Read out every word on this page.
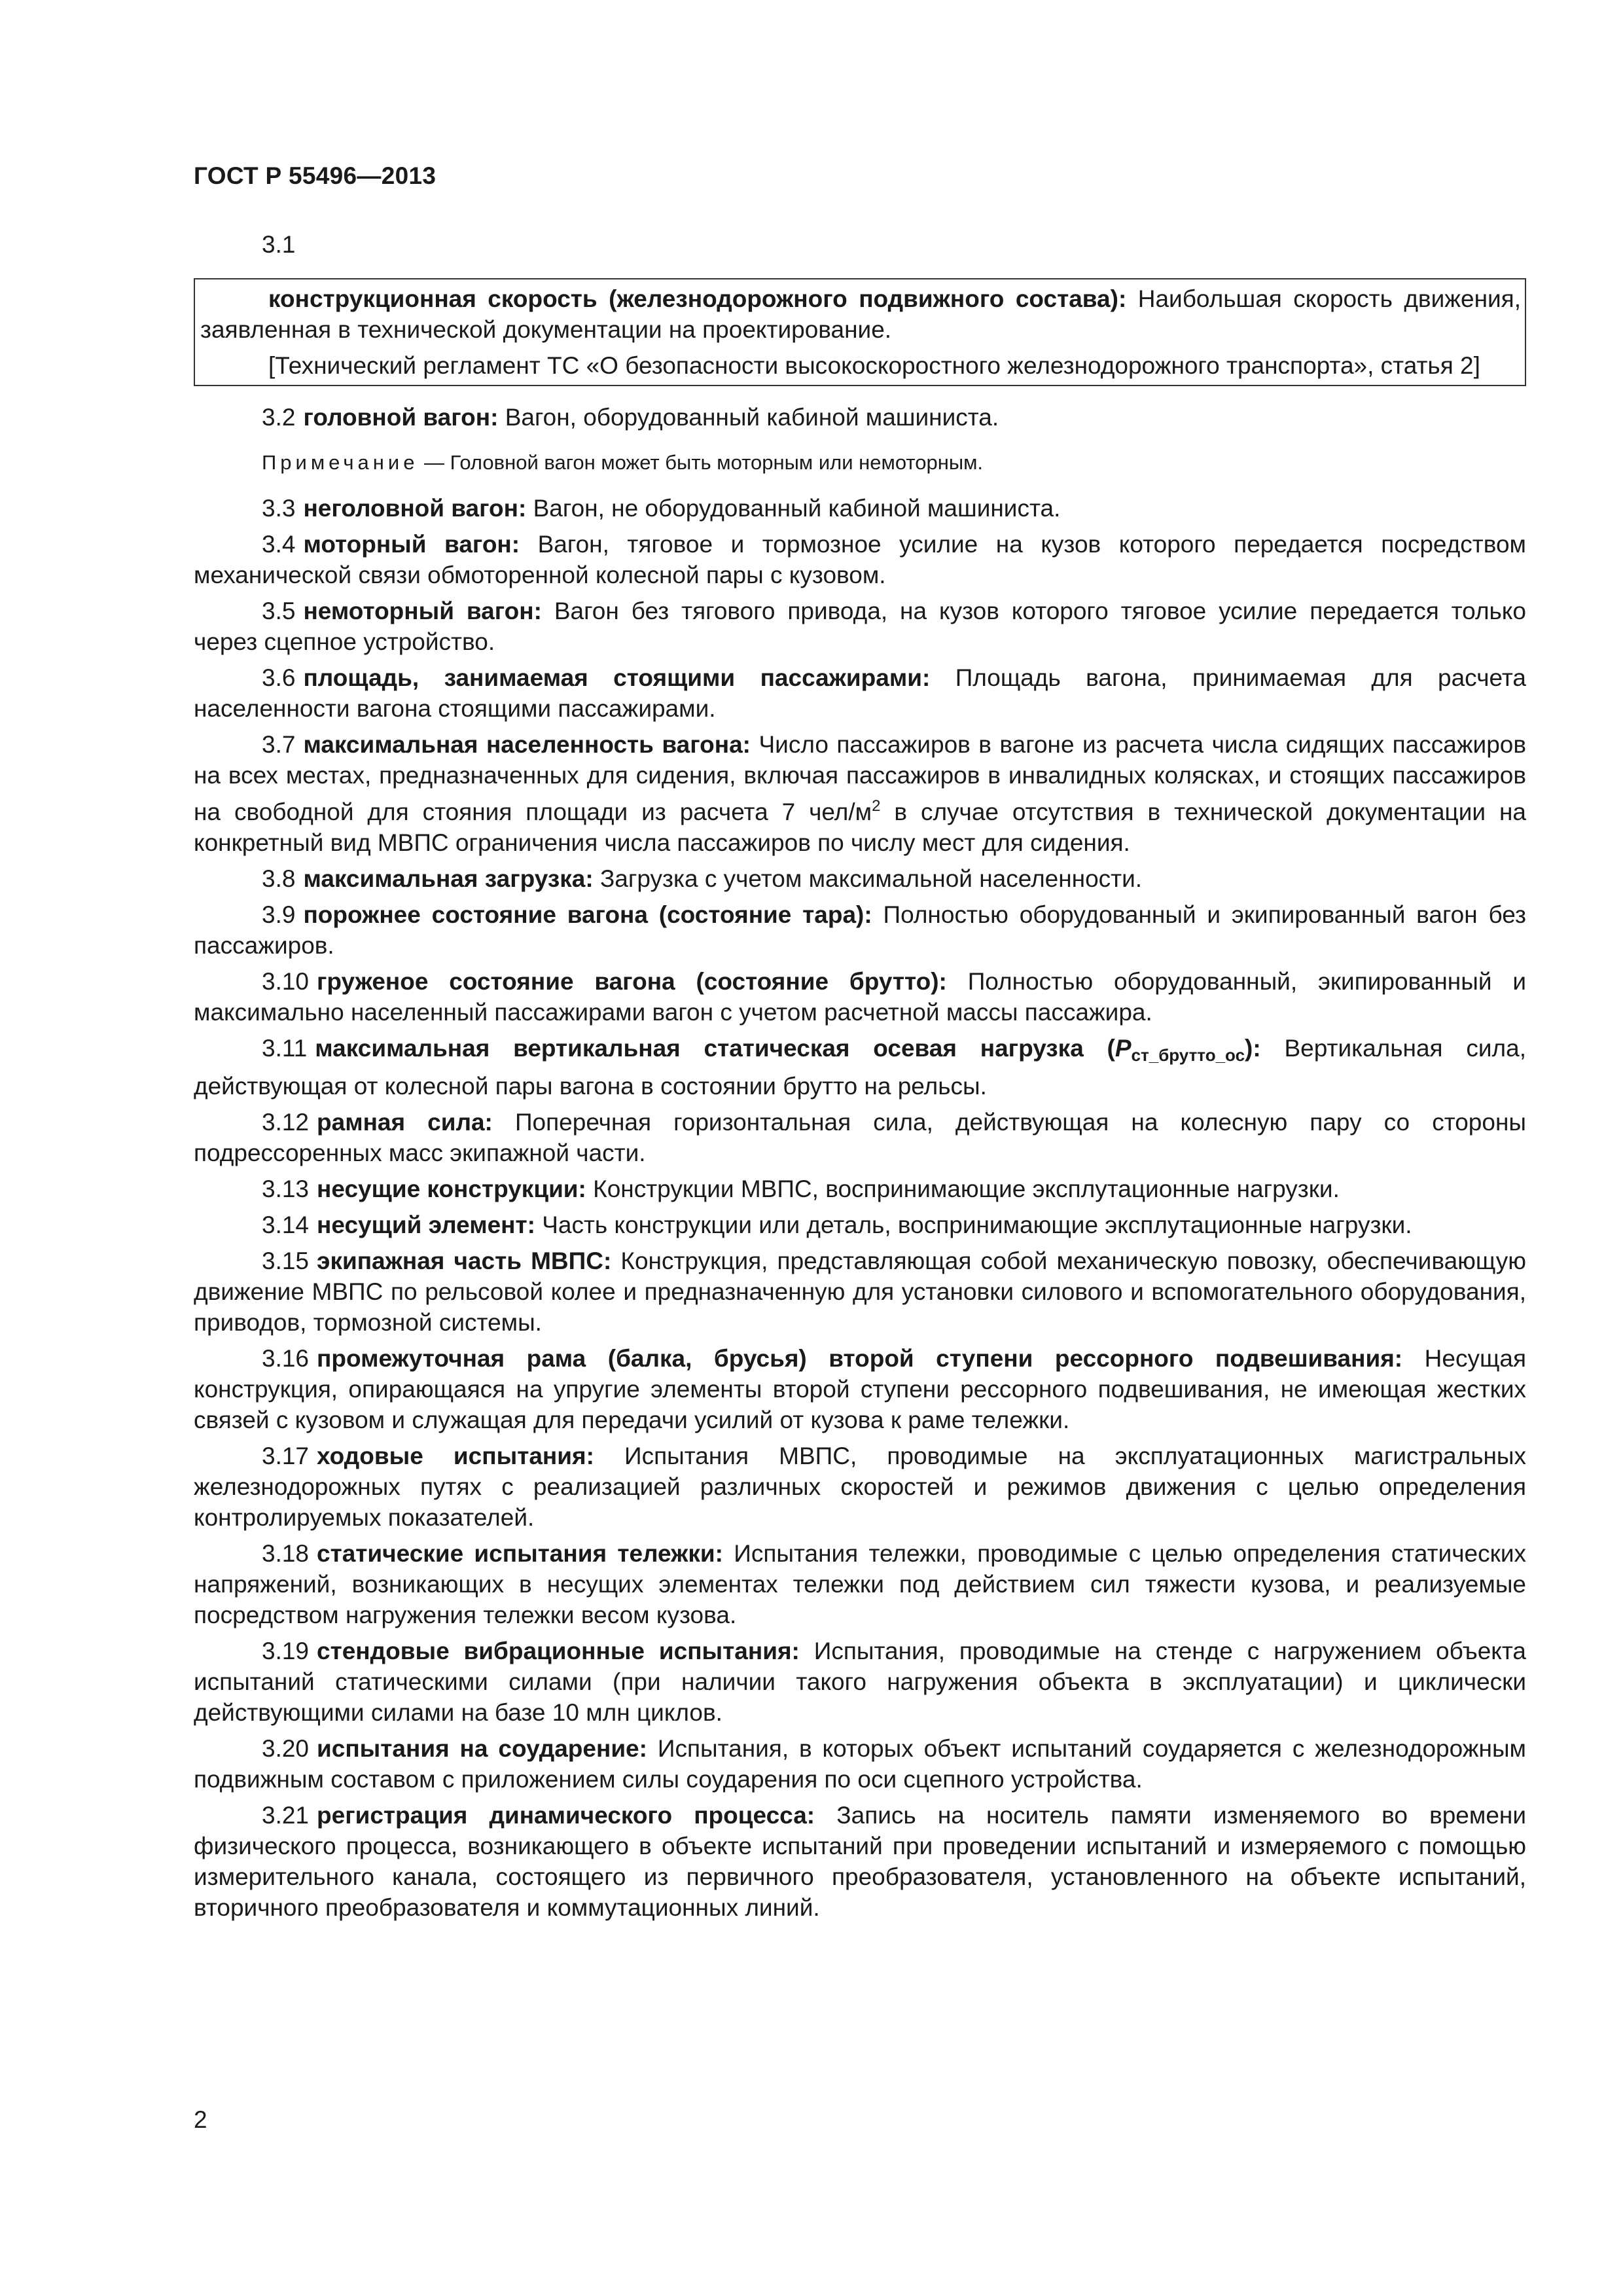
ГОСТ Р 55496—2013
3.1

конструкционная скорость (железнодорожного подвижного состава): Наибольшая скорость движения, заявленная в технической документации на проектирование.

[Технический регламент ТС «О безопасности высокоскоростного железнодорожного транспорта», статья 2]

3.2 головной вагон: Вагон, оборудованный кабиной машиниста.

Примечание — Головной вагон может быть моторным или немоторным.

3.3 неголовной вагон: Вагон, не оборудованный кабиной машиниста.

3.4 моторный вагон: Вагон, тяговое и тормозное усилие на кузов которого передается посредством механической связи обмоторенной колесной пары с кузовом.

3.5 немоторный вагон: Вагон без тягового привода, на кузов которого тяговое усилие передается только через сцепное устройство.

3.6 площадь, занимаемая стоящими пассажирами: Площадь вагона, принимаемая для расчета населенности вагона стоящими пассажирами.

3.7 максимальная населенность вагона: Число пассажиров в вагоне из расчета числа сидящих пассажиров на всех местах, предназначенных для сидения, включая пассажиров в инвалидных колясках, и стоящих пассажиров на свободной для стояния площади из расчета 7 чел/$м^2$ в случае отсутствия в технической документации на конкретный вид МВПС ограничения числа пассажиров по числу мест для сидения.

3.8 максимальная загрузка: Загрузка с учетом максимальной населенности.

3.9 порожнее состояние вагона (состояние тара): Полностью оборудованный и экипированный вагон без пассажиров.

3.10 груженое состояние вагона (состояние брутто): Полностью оборудованный, экипированный и максимально населенный пассажирами вагон с учетом расчетной массы пассажира.

3.11 максимальная вертикальная статическая осевая нагрузка $(P_{ст\_брутто\_ос})$: Вертикальная сила, действующая от колесной пары вагона в состоянии брутто на рельсы.

3.12 рамная сила: Поперечная горизонтальная сила, действующая на колесную пару со стороны подрессоренных масс экипажной части.

3.13 несущие конструкции: Конструкции МВПС, воспринимающие эксплутационные нагрузки.

3.14 несущий элемент: Часть конструкции или деталь, воспринимающие эксплутационные нагрузки.

3.15 экипажная часть МВПС: Конструкция, представляющая собой механическую повозку, обеспечивающую движение МВПС по рельсовой колее и предназначенную для установки силового и вспомогательного оборудования, приводов, тормозной системы.

3.16 промежуточная рама (балка, брусья) второй ступени рессорного подвешивания: Несущая конструкция, опирающаяся на упругие элементы второй ступени рессорного подвешивания, не имеющая жестких связей с кузовом и служащая для передачи усилий от кузова к раме тележки.

3.17 ходовые испытания: Испытания МВПС, проводимые на эксплуатационных магистральных железнодорожных путях с реализацией различных скоростей и режимов движения с целью определения контролируемых показателей.

3.18 статические испытания тележки: Испытания тележки, проводимые с целью определения статических напряжений, возникающих в несущих элементах тележки под действием сил тяжести кузова, и реализуемые посредством нагружения тележки весом кузова.

3.19 стендовые вибрационные испытания: Испытания, проводимые на стенде с нагружением объекта испытаний статическими силами (при наличии такого нагружения объекта в эксплуатации) и циклически действующими силами на базе 10 млн циклов.

3.20 испытания на соударение: Испытания, в которых объект испытаний соударяется с железнодорожным подвижным составом с приложением силы соударения по оси сцепного устройства.

3.21 регистрация динамического процесса: Запись на носитель памяти изменяемого во времени физического процесса, возникающего в объекте испытаний при проведении испытаний и измеряемого с помощью измерительного канала, состоящего из первичного преобразователя, установленного на объекте испытаний, вторичного преобразователя и коммутационных линий.

2
